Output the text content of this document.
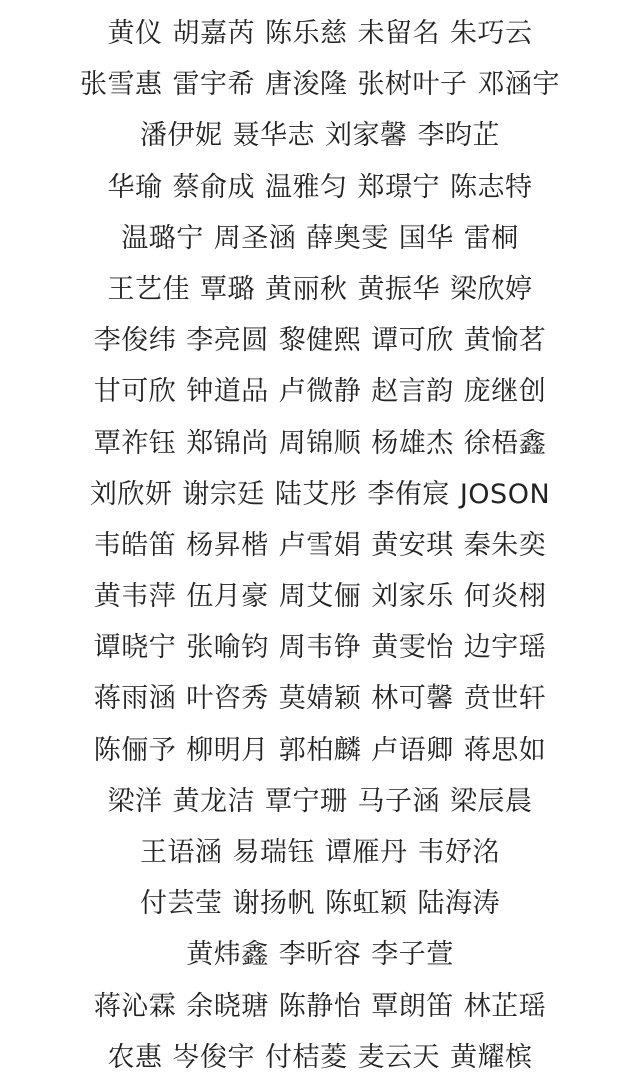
黄仪 胡嘉芮 陈乐慈 未留名 朱巧云
张雪惠 雷宇希 唐浚隆 张树叶子 邓涵宇
潘伊妮 聂华志 刘家馨 李昀芷
华瑜 蔡俞成 温雅匀 郑璟宁 陈志特
温璐宁 周圣涵 薛奥雯 国华 雷桐
王艺佳 覃璐 黄丽秋 黄振华 梁欣婷
李俊纬 李亮圆 黎健熙 谭可欣 黄愉茗
甘可欣 钟道品 卢微静 赵言韵 庞继创
覃祚钰 郑锦尚 周锦顺 杨雄杰 徐梧鑫
刘欣妍 谢宗廷 陆艾彤 李侑宸 JOSON
韦皓笛 杨昇楷 卢雪娟 黄安琪 秦朱奕
黄韦萍 伍月豪 周艾俪 刘家乐 何炎栩
谭晓宁 张喻钧 周韦铮 黄雯怡 边宇瑶
蒋雨涵 叶咨秀 莫婧颖 林可馨 贲世轩
陈俪予 柳明月 郭柏麟 卢语卿 蒋思如
梁洋 黄龙洁 覃宁珊 马子涵 梁辰晨
王语涵 易瑞钰 谭雁丹 韦妤洺
付芸莹 谢扬帆 陈虹颖 陆海涛
黄炜鑫 李昕容 李子萱
蒋沁霖 余晓瑭 陈静怡 覃朗笛 林芷瑶
农惠 岑俊宇 付桔菱 麦云天 黄耀槟
